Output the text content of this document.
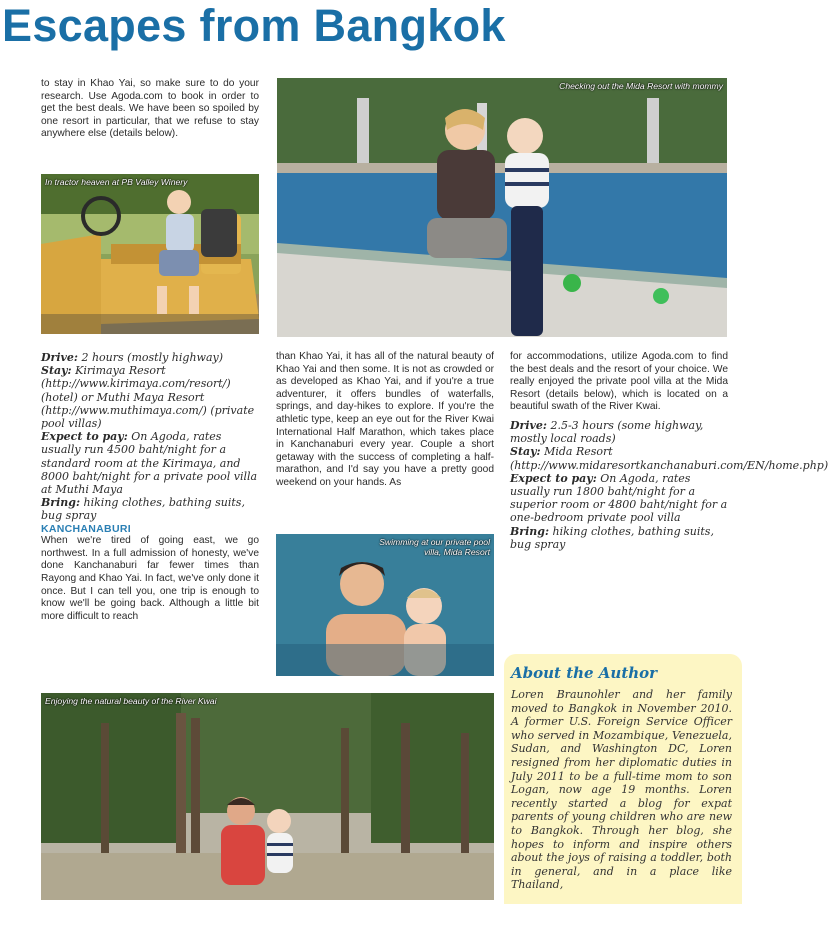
Escapes from Bangkok

to stay in Khao Yai, so make sure to do your research. Use Agoda.com to book in order to get the best deals. We have been so spoiled by one resort in particular, that we refuse to stay anywhere else (details below).

In tractor heaven at PB Valley Winery

Drive: 2 hours (mostly highway)

Stay: Kirimaya Resort (http://www.kirimaya.com/resort/) (hotel) or Muthi Maya Resort (http://www.muthimaya.com/) (private pool villas)

Expect to pay: On Agoda, rates usually run 4500 baht/night for a standard room at the Kirimaya, and 8000 baht/night for a private pool villa at Muthi Maya

Bring: hiking clothes, bathing suits, bug spray

KANCHANABURI

When we're tired of going east, we go northwest. In a full admission of honesty, we've done Kanchanaburi far fewer times than Rayong and Khao Yai. In fact, we've only done it once. But I can tell you, one trip is enough to know we'll be going back. Although a little bit more difficult to reach

Checking out the Mida Resort with mommy

than Khao Yai, it has all of the natural beauty of Khao Yai and then some. It is not as crowded or as developed as Khao Yai, and if you're a true adventurer, it offers bundles of waterfalls, springs, and day-hikes to explore. If you're the athletic type, keep an eye out for the River Kwai International Half Marathon, which takes place in Kanchanaburi every year. Couple a short getaway with the success of completing a half-marathon, and I'd say you have a pretty good weekend on your hands. As

Swimming at our private pool villa, Mida Resort

for accommodations, utilize Agoda.com to find the best deals and the resort of your choice. We really enjoyed the private pool villa at the Mida Resort (details below), which is located on a beautiful swath of the River Kwai.

Drive: 2.5-3 hours (some highway, mostly local roads)

Stay: Mida Resort (http://www.midaresortkanchanaburi.com/EN/home.php)

Expect to pay: On Agoda, rates usually run 1800 baht/night for a superior room or 4800 baht/night for a one-bedroom private pool villa

Bring: hiking clothes, bathing suits, bug spray

Enjoying the natural beauty of the River Kwai
About the Author

Loren Braunohler and her family moved to Bangkok in November 2010. A former U.S. Foreign Service Officer who served in Mozambique, Venezuela, Sudan, and Washington DC, Loren resigned from her diplomatic duties in July 2011 to be a full-time mom to son Logan, now age 19 months. Loren recently started a blog for expat parents of young children who are new to Bangkok. Through her blog, she hopes to inform and inspire others about the joys of raising a toddler, both in general, and in a place like Thailand,
